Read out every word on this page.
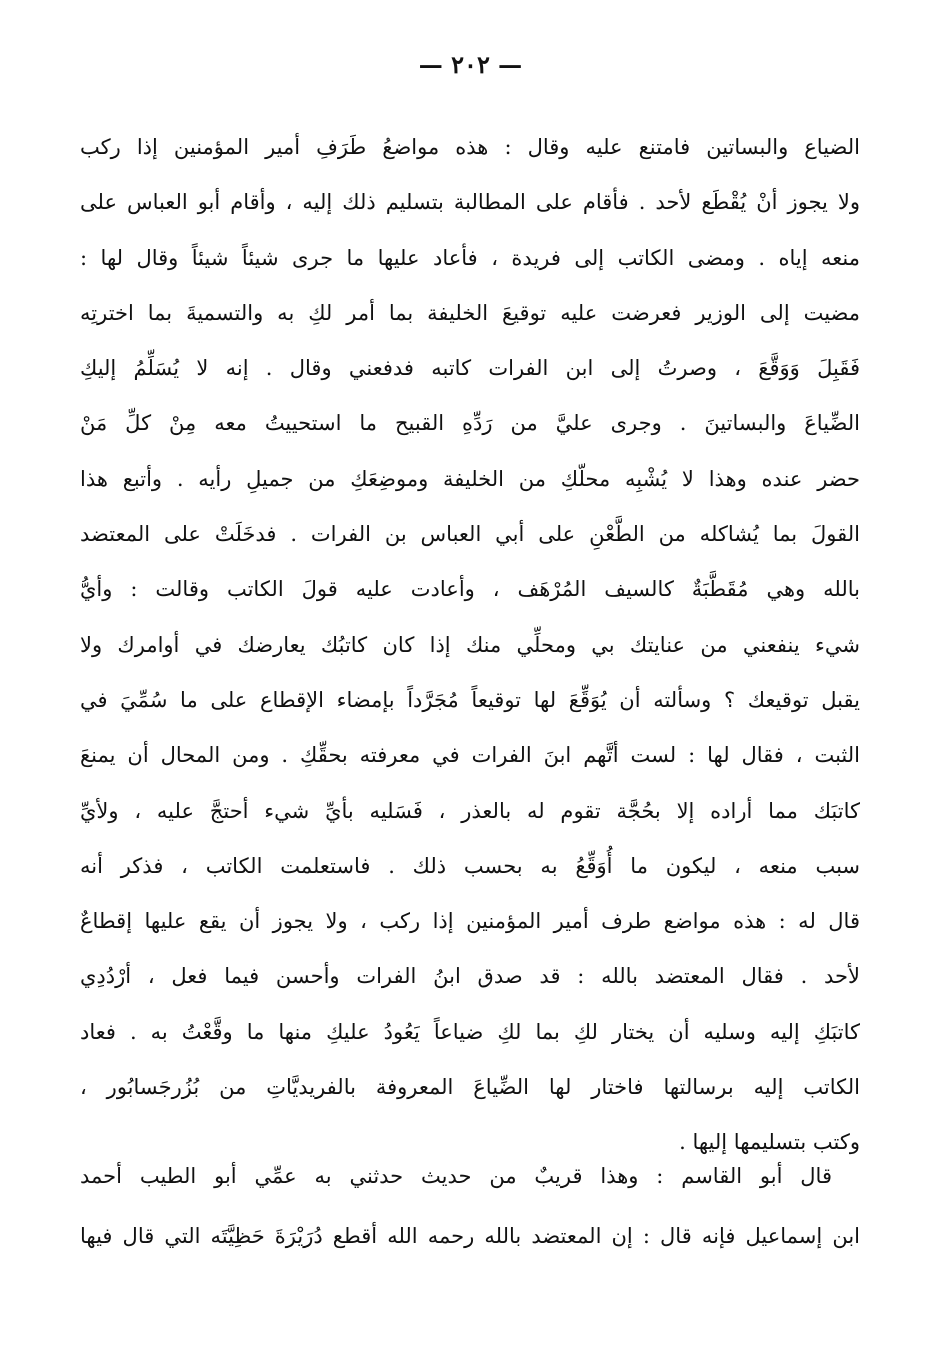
— ٢٠٢ —
الضياع والبساتين فامتنع عليه وقال : هذه مواضعُ طَرَفِ أمير المؤمنين إذا ركب
ولا يجوز أنْ يُقْطَع لأحد . فأقام على المطالبة بتسليم ذلك إليه ، وأقام أبو العباس على
منعه إياه . ومضى الكاتب إلى فريدة ، فأعاد عليها ما جرى شيئاً شيئاً وقال لها :
مضيت إلى الوزير فعرضت عليه توقيعَ الخليفة بما أمر لكِ به والتسميةَ بما اخترتِه
فَقَبِلَ وَوَقَّعَ ، وصرتُ إلى ابن الفرات كاتبه فدفعني وقال . إنه لا يُسَلِّمُ إليكِ
الضِّياعَ والبساتينَ . وجرى عليَّ من رَدِّهِ القبيح ما استحييتُ معه مِنْ كلِّ مَنْ
حضر عنده وهذا لا يُشْبِه محلّكِ من الخليفة وموضِعَكِ من جميلِ رأيه . وأتبع هذا
القولَ بما يُشاكله من الطَّعْنِ على أبي العباس بن الفرات . فدخَلَتْ على المعتضد
بالله وهي مُقَطَّبَةٌ كالسيف المُرْهَف ، وأعادت عليه قولَ الكاتب وقالت : وأيُّ
شيء ينفعني من عنايتك بي ومحلِّي منك إذا كان كاتبُك يعارضك في أوامرك ولا
يقبل توقيعك ؟ وسألته أن يُوَقِّعَ لها توقيعاً مُجَرَّداً بإمضاء الإقطاع على ما سُمِّيَ في
الثبت ، فقال لها : لست أتَّهم ابنَ الفرات في معرفته بحقِّكِ . ومن المحال أن يمنعَ
كاتبَك مما أراده إلا بحُجَّة تقوم له بالعذر ، فَسَليه بأيِّ شيء أحتجَّ عليه ، ولأيِّ
سبب منعه ، ليكون ما أُوَقِّعُ به بحسب ذلك . فاستعلمت الكاتب ، فذكر أنه
قال له : هذه مواضع طرف أمير المؤمنين إذا ركب ، ولا يجوز أن يقع عليها إقطاعٌ
لأحد . فقال المعتضد بالله : قد صدق ابنُ الفرات وأحسن فيما فعل ، أرْدُدِي
كاتبَكِ إليه وسليه أن يختار لكِ بما لكِ ضياعاً يَعُودُ عليكِ منها ما وقَّعْتُ به . فعاد
الكاتب إليه برسالتها فاختار لها الضِّياعَ المعروفة بالفريديَّاتِ من بُزُرجَسابُور ،
وكتب بتسليمها إليها .
قال أبو القاسم : وهذا قريبٌ من حديث حدثني به عمِّي أبو الطيب أحمد
ابن إسماعيل فإنه قال : إن المعتضد بالله رحمه الله أقطع دُرَيْرَةَ حَظِيَّتَه التي قال فيها
